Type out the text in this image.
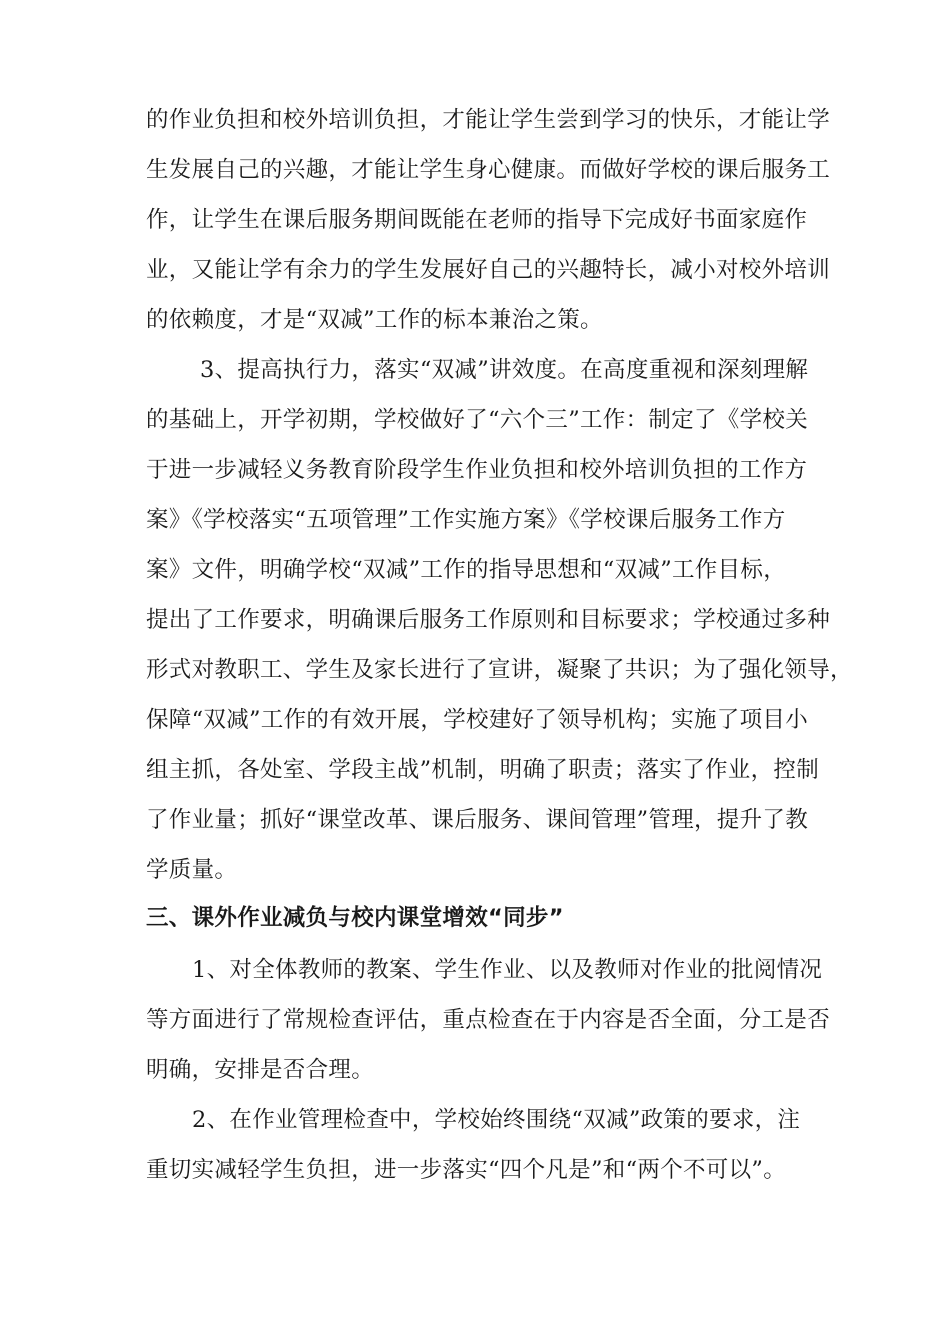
的作业负担和校外培训负担，才能让学生尝到学习的快乐，才能让学
生发展自己的兴趣，才能让学生身心健康。而做好学校的课后服务工
作，让学生在课后服务期间既能在老师的指导下完成好书面家庭作
业，又能让学有余力的学生发展好自己的兴趣特长，减小对校外培训
的依赖度，才是“双减”工作的标本兼治之策。
3、提高执行力，落实“双减”讲效度。在高度重视和深刻理解
的基础上，开学初期，学校做好了“六个三”工作：制定了《学校关
于进一步减轻义务教育阶段学生作业负担和校外培训负担的工作方
案》《学校落实“五项管理”工作实施方案》《学校课后服务工作方
案》文件，明确学校“双减”工作的指导思想和“双减”工作目标，
提出了工作要求，明确课后服务工作原则和目标要求；学校通过多种
形式对教职工、学生及家长进行了宣讲，凝聚了共识；为了强化领导，
保障“双减”工作的有效开展，学校建好了领导机构；实施了项目小
组主抓，各处室、学段主战”机制，明确了职责；落实了作业，控制
了作业量；抓好“课堂改革、课后服务、课间管理”管理，提升了教
学质量。
三、课外作业减负与校内课堂增效“同步”
1、对全体教师的教案、学生作业、以及教师对作业的批阅情况
等方面进行了常规检查评估，重点检查在于内容是否全面，分工是否
明确，安排是否合理。
2、在作业管理检查中，学校始终围绕“双减”政策的要求，注
重切实减轻学生负担，进一步落实“四个凡是”和“两个不可以”。
